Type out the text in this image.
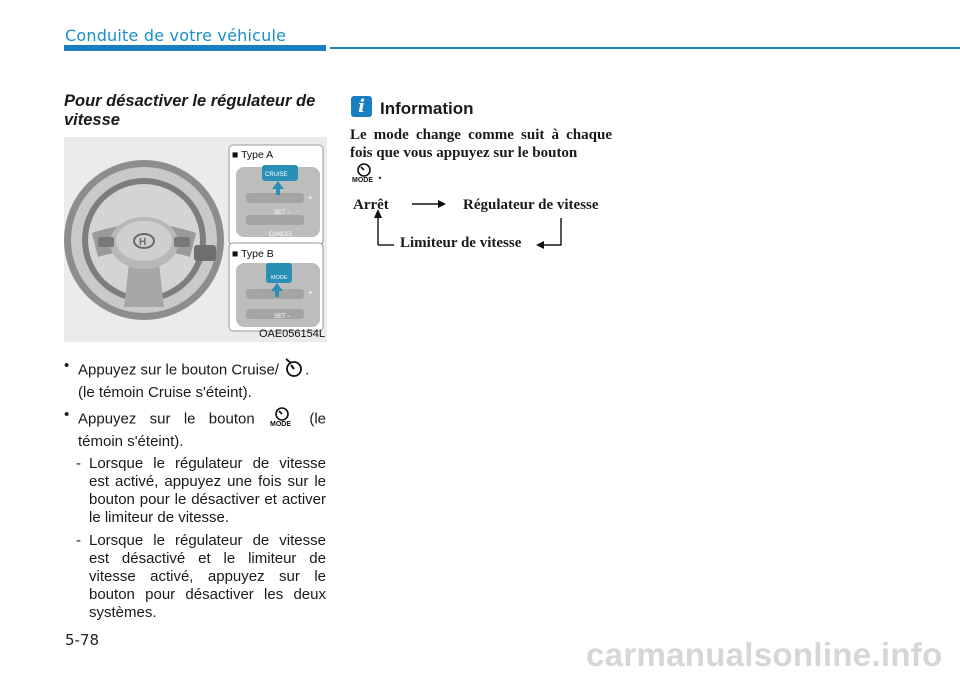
Conduite de votre véhicule
Pour désactiver le régulateur de vitesse
H
■ Type A
CRUISE
SET −
CANCEL
+
■ Type B
MODE
SET −
+
OAE056154L
• Appuyez sur le bouton Cruise/ .
(le témoin Cruise s'éteint).
• Appuyez sur le bouton MODE (le témoin s'éteint).
- Lorsque le régulateur de vitesse est activé, appuyez une fois sur le bouton pour le désactiver et activer le limiteur de vitesse.
- Lorsque le régulateur de vitesse est désactivé et le limiteur de vitesse activé, appuyez sur le bouton pour désactiver les deux systèmes.
i Information
Le mode change comme suit à chaque fois que vous appuyez sur le bouton

MODE .
Arrêt	Régulateur de vitesse
Limiteur de vitesse
5-78	carmanualsonline.info
